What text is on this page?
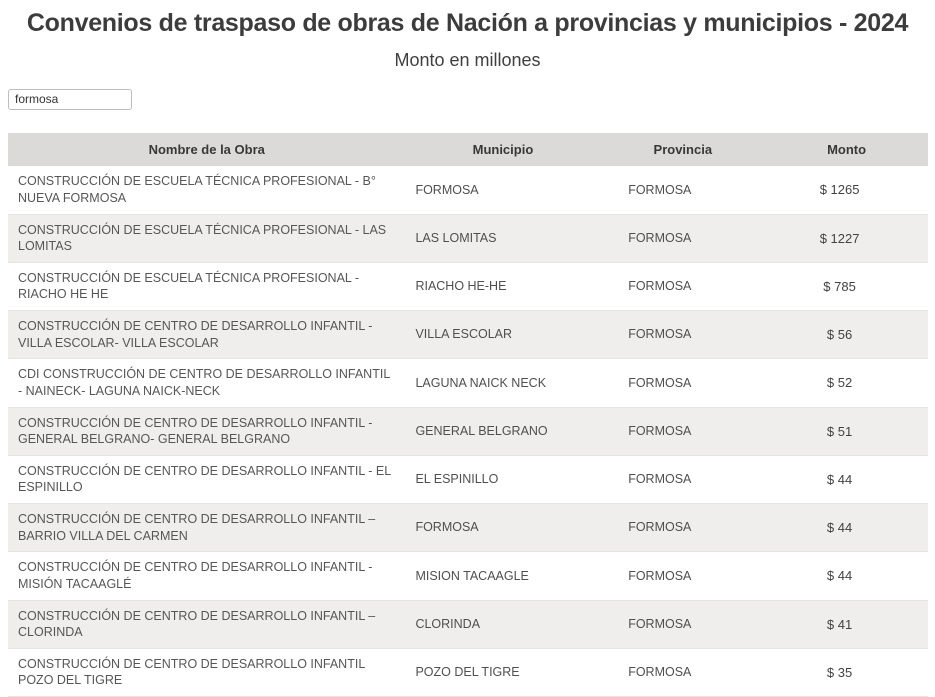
Convenios de traspaso de obras de Nación a provincias y municipios - 2024
Monto en millones
formosa
Nombre de la Obra	Municipio	Provincia	Monto
CONSTRUCCIÓN DE ESCUELA TÉCNICA PROFESIONAL - B° NUEVA FORMOSA	FORMOSA	FORMOSA	$ 1265
CONSTRUCCIÓN DE ESCUELA TÉCNICA PROFESIONAL - LAS LOMITAS	LAS LOMITAS	FORMOSA	$ 1227
CONSTRUCCIÓN DE ESCUELA TÉCNICA PROFESIONAL - RIACHO HE HE	RIACHO HE-HE	FORMOSA	$ 785
CONSTRUCCIÓN DE CENTRO DE DESARROLLO INFANTIL - VILLA ESCOLAR- VILLA ESCOLAR	VILLA ESCOLAR	FORMOSA	$ 56
CDI CONSTRUCCIÓN DE CENTRO DE DESARROLLO INFANTIL - NAINECK- LAGUNA NAICK-NECK	LAGUNA NAICK NECK	FORMOSA	$ 52
CONSTRUCCIÓN DE CENTRO DE DESARROLLO INFANTIL - GENERAL BELGRANO- GENERAL BELGRANO	GENERAL BELGRANO	FORMOSA	$ 51
CONSTRUCCIÓN DE CENTRO DE DESARROLLO INFANTIL - EL ESPINILLO	EL ESPINILLO	FORMOSA	$ 44
CONSTRUCCIÓN DE CENTRO DE DESARROLLO INFANTIL – BARRIO VILLA DEL CARMEN	FORMOSA	FORMOSA	$ 44
CONSTRUCCIÓN DE CENTRO DE DESARROLLO INFANTIL - MISIÓN TACAAGLÉ	MISION TACAAGLE	FORMOSA	$ 44
CONSTRUCCIÓN DE CENTRO DE DESARROLLO INFANTIL – CLORINDA	CLORINDA	FORMOSA	$ 41
CONSTRUCCIÓN DE CENTRO DE DESARROLLO INFANTIL POZO DEL TIGRE	POZO DEL TIGRE	FORMOSA	$ 35
